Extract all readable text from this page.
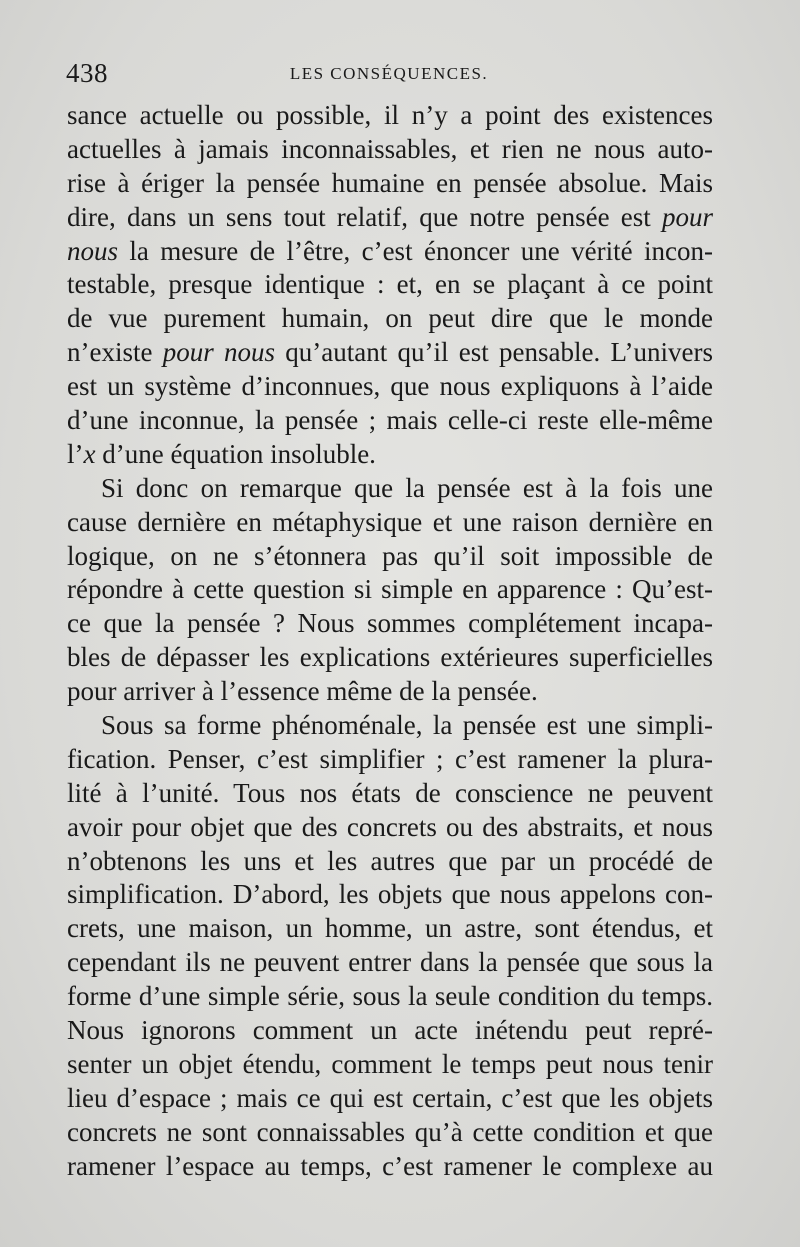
438	LES CONSÉQUENCES.
sance actuelle ou possible, il n’y a point des existences
actuelles à jamais inconnaissables, et rien ne nous auto-
rise à ériger la pensée humaine en pensée absolue. Mais
dire, dans un sens tout relatif, que notre pensée est pour
nous la mesure de l’être, c’est énoncer une vérité incon-
testable, presque identique : et, en se plaçant à ce point
de vue purement humain, on peut dire que le monde
n’existe pour nous qu’autant qu’il est pensable. L’univers
est un système d’inconnues, que nous expliquons à l’aide
d’une inconnue, la pensée ; mais celle-ci reste elle-même
l’x d’une équation insoluble.
Si donc on remarque que la pensée est à la fois une
cause dernière en métaphysique et une raison dernière en
logique, on ne s’étonnera pas qu’il soit impossible de
répondre à cette question si simple en apparence : Qu’est-
ce que la pensée ? Nous sommes complétement incapa-
bles de dépasser les explications extérieures superficielles
pour arriver à l’essence même de la pensée.
Sous sa forme phénoménale, la pensée est une simpli-
fication. Penser, c’est simplifier ; c’est ramener la plura-
lité à l’unité. Tous nos états de conscience ne peuvent
avoir pour objet que des concrets ou des abstraits, et nous
n’obtenons les uns et les autres que par un procédé de
simplification. D’abord, les objets que nous appelons con-
crets, une maison, un homme, un astre, sont étendus, et
cependant ils ne peuvent entrer dans la pensée que sous la
forme d’une simple série, sous la seule condition du temps.
Nous ignorons comment un acte inétendu peut repré-
senter un objet étendu, comment le temps peut nous tenir
lieu d’espace ; mais ce qui est certain, c’est que les objets
concrets ne sont connaissables qu’à cette condition et que
ramener l’espace au temps, c’est ramener le complexe au
